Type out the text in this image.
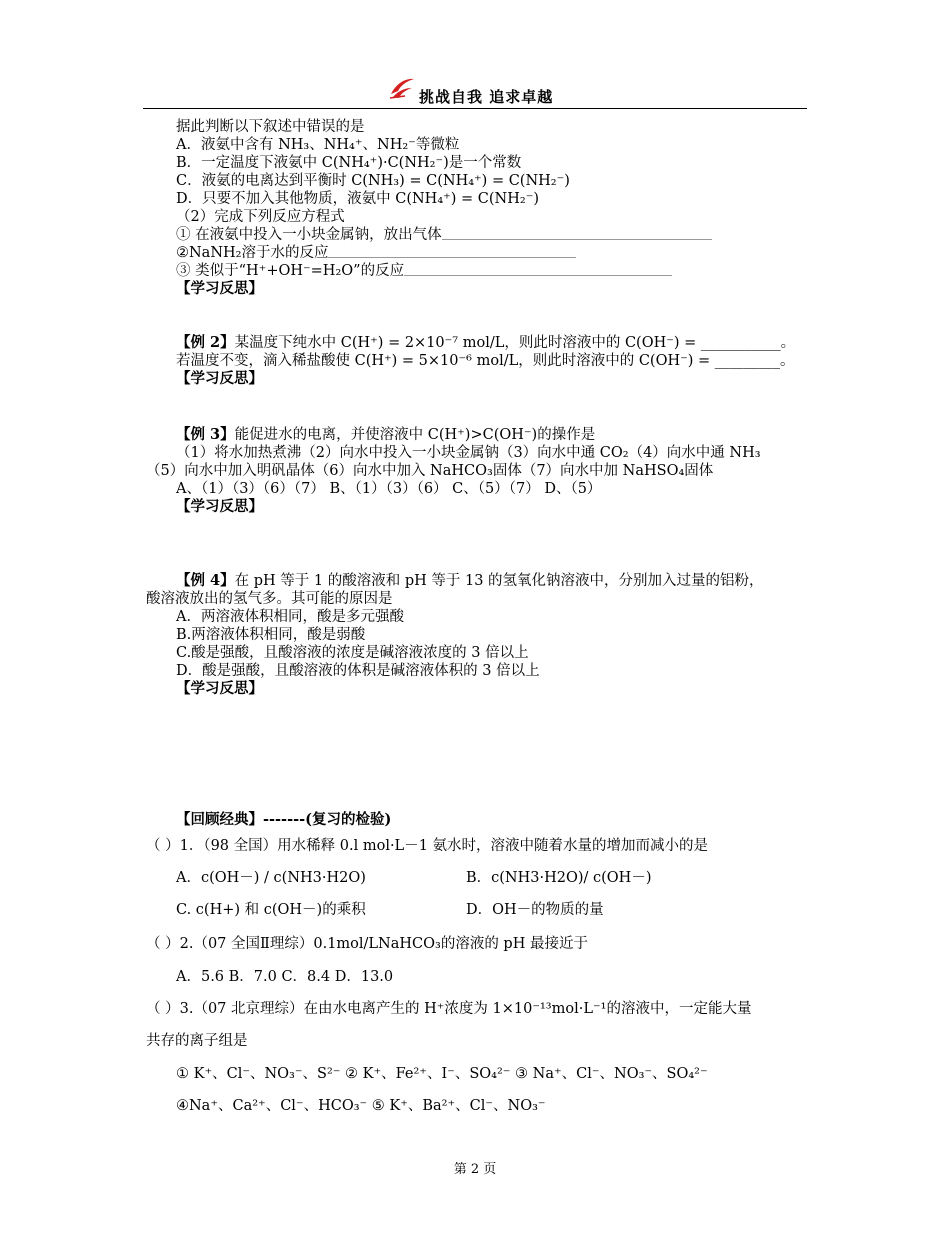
挑战自我 追求卓越
据此判断以下叙述中错误的是
A．液氨中含有 NH₃、NH₄⁺、NH₂⁻等微粒
B．一定温度下液氨中 C(NH₄⁺)·C(NH₂⁻)是一个常数
C．液氨的电离达到平衡时 C(NH₃) = C(NH₄⁺) = C(NH₂⁻)
D．只要不加入其他物质，液氨中 C(NH₄⁺) = C(NH₂⁻)
（2）完成下列反应方程式
① 在液氨中投入一小块金属钠，放出气体
②NaNH₂溶于水的反应
③ 类似于“H⁺+OH⁻=H₂O”的反应
【学习反思】
【例 2】某温度下纯水中 C(H⁺) = 2×10⁻⁷ mol/L，则此时溶液中的 C(OH⁻) = ___________。
若温度不变，滴入稀盐酸使 C(H⁺) = 5×10⁻⁶ mol/L，则此时溶液中的 C(OH⁻) = _________。
【学习反思】
【例 3】能促进水的电离，并使溶液中 C(H⁺)>C(OH⁻)的操作是
（1）将水加热煮沸（2）向水中投入一小块金属钠（3）向水中通 CO₂（4）向水中通 NH₃
（5）向水中加入明矾晶体（6）向水中加入 NaHCO₃固体（7）向水中加 NaHSO₄固体
A、（1）（3）（6）（7） B、（1）（3）（6） C、（5）（7） D、（5）
【学习反思】
【例 4】在 pH 等于 1 的酸溶液和 pH 等于 13 的氢氧化钠溶液中，分别加入过量的铝粉，
酸溶液放出的氢气多。其可能的原因是
A．两溶液体积相同，酸是多元强酸
B.两溶液体积相同，酸是弱酸
C.酸是强酸，且酸溶液的浓度是碱溶液浓度的 3 倍以上
D．酸是强酸，且酸溶液的体积是碱溶液体积的 3 倍以上
【学习反思】
【回顾经典】-------(复习的检验)
（ ）1．（98 全国）用水稀释 0.l mol·L－1 氨水时，溶液中随着水量的增加而减小的是
A．c(OH－) / c(NH3·H2O)	B．c(NH3·H2O)/ c(OH－)
C. c(H+) 和 c(OH－)的乘积	D．OH－的物质的量
（ ）2.（07 全国Ⅱ理综）0.1mol/LNaHCO₃的溶液的 pH 最接近于
A．5.6 B．7.0 C．8.4 D．13.0
（ ）3.（07 北京理综）在由水电离产生的 H⁺浓度为 1×10⁻¹³mol·L⁻¹的溶液中，一定能大量
共存的离子组是
① K⁺、Cl⁻、NO₃⁻、S²⁻ ② K⁺、Fe²⁺、I⁻、SO₄²⁻ ③ Na⁺、Cl⁻、NO₃⁻、SO₄²⁻
④Na⁺、Ca²⁺、Cl⁻、HCO₃⁻ ⑤ K⁺、Ba²⁺、Cl⁻、NO₃⁻
第 2 页
